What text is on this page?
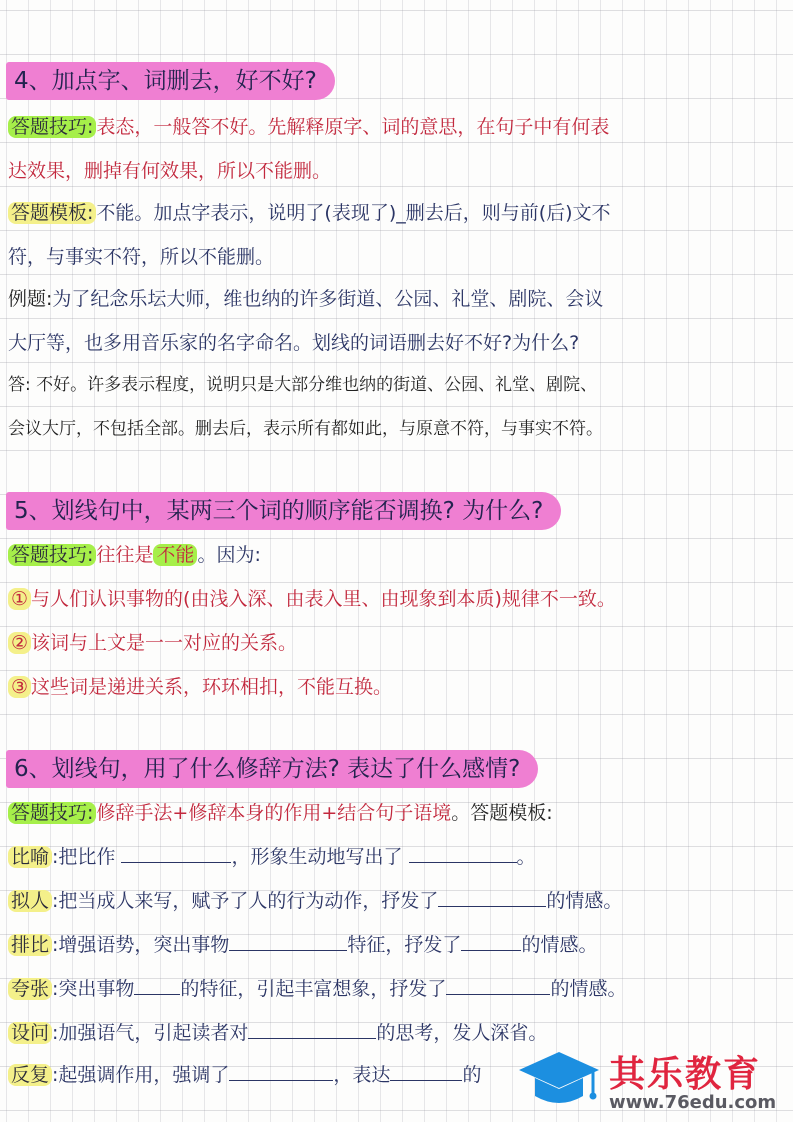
4、加点字、词删去，好不好?
答题技巧: 表态，一般答不好。先解释原字、词的意思，在句子中有何表
达效果，删掉有何效果，所以不能删。
答题模板: 不能。加点字表示，说明了(表现了)_删去后，则与前(后)文不
符，与事实不符，所以不能删。
例题:为了纪念乐坛大师，维也纳的许多街道、公园、礼堂、剧院、会议
大厅等，也多用音乐家的名字命名。划线的词语删去好不好?为什么?
答: 不好。许多表示程度，说明只是大部分维也纳的街道、公园、礼堂、剧院、
会议大厅，不包括全部。删去后，表示所有都如此，与原意不符，与事实不符。
5、划线句中，某两三个词的顺序能否调换? 为什么?
答题技巧: 往往是 不能 。因为:
① 与人们认识事物的(由浅入深、由表入里、由现象到本质)规律不一致。
② 该词与上文是一一对应的关系。
③ 这些词是递进关系，环环相扣，不能互换。
6、划线句，用了什么修辞方法? 表达了什么感情?
答题技巧: 修辞手法+修辞本身的作用+结合句子语境。答题模板:
比喻 :把比作	，形象生动地写出了	。
拟人 :把当成人来写，赋予了人的行为动作，抒发了	的情感。
排比 :增强语势，突出事物	特征，抒发了	的情感。
夸张 :突出事物 的特征，引起丰富想象，抒发了	的情感。
设问 :加强语气，引起读者对	的思考，发人深省。
反复 :起强调作用，强调了	，表达	的	其乐教育
www.76edu.com
